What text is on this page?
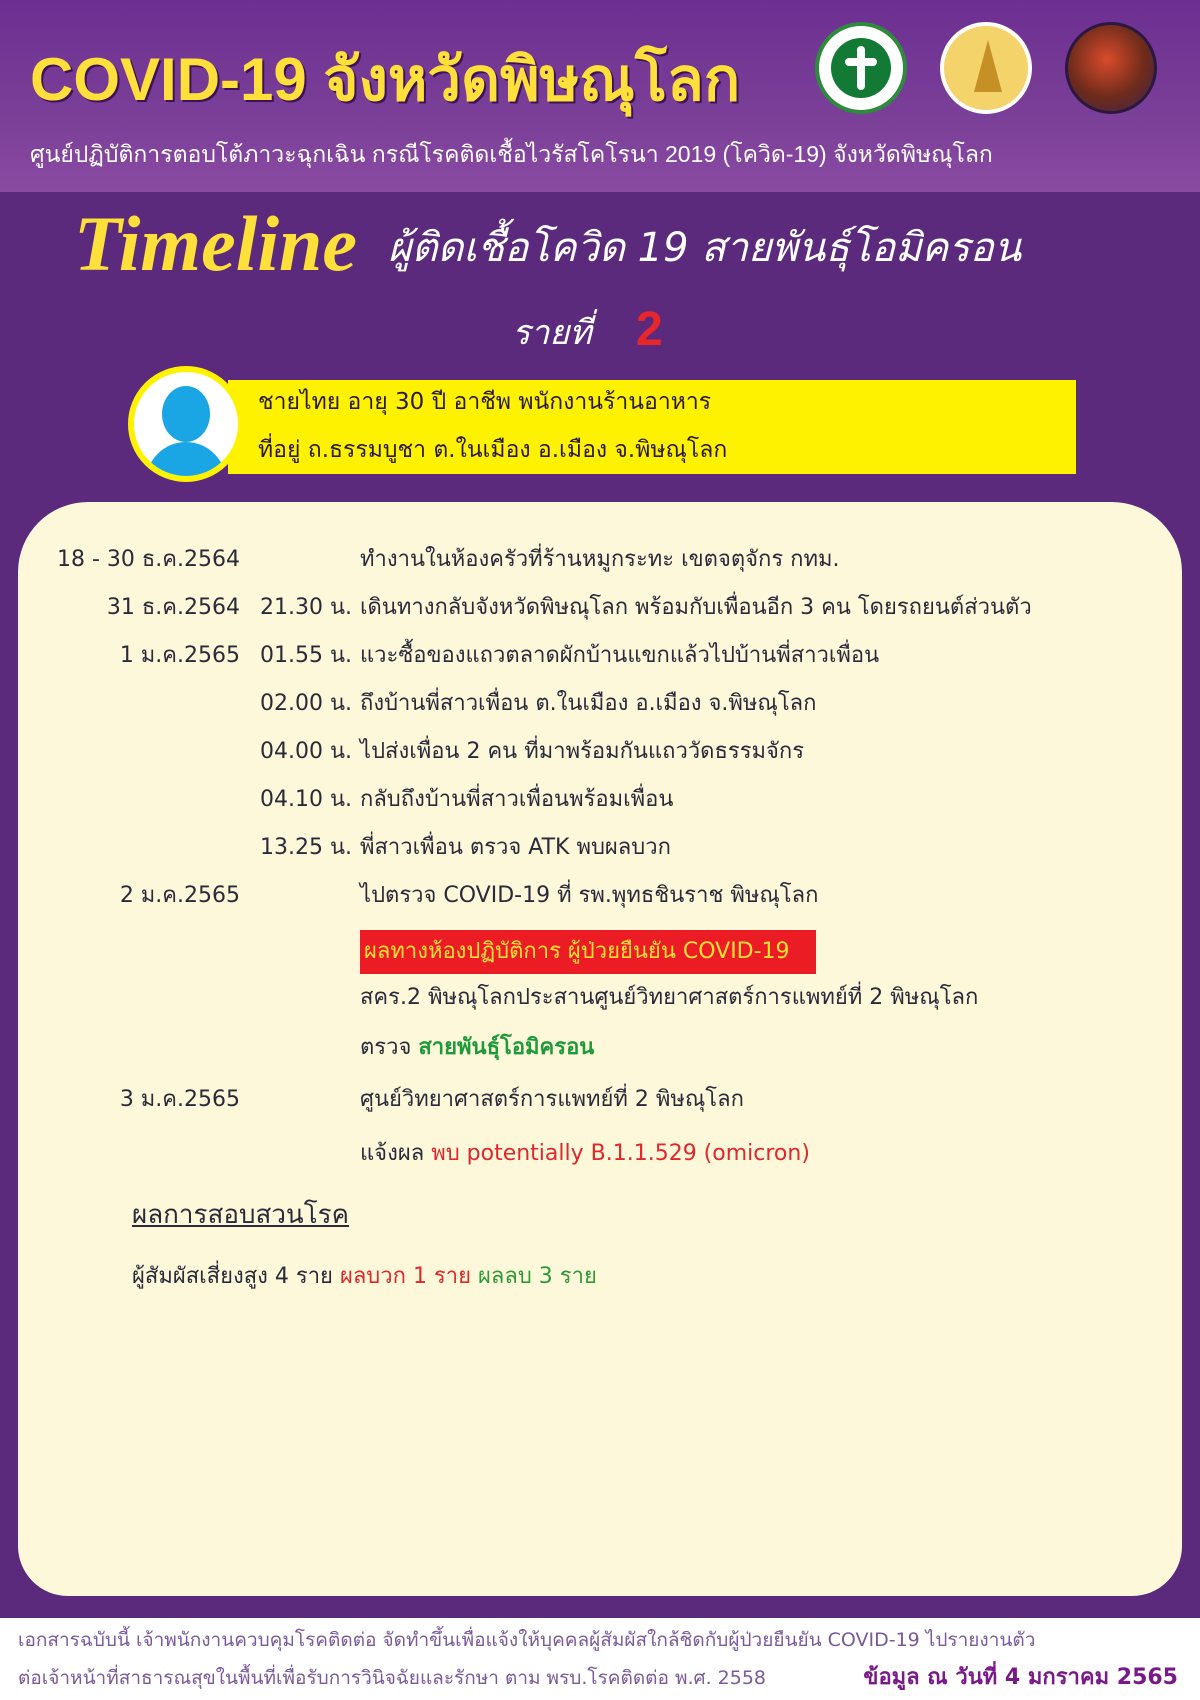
COVID-19 จังหวัดพิษณุโลก
ศูนย์ปฏิบัติการตอบโต้ภาวะฉุกเฉิน กรณีโรคติดเชื้อไวรัสโคโรนา 2019 (โควิด-19) จังหวัดพิษณุโลก
Timeline ผู้ติดเชื้อโควิด 19 สายพันธุ์โอมิครอน
รายที่ 2
ชายไทย อายุ 30 ปี อาชีพ พนักงานร้านอาหาร
ที่อยู่ ถ.ธรรมบูชา ต.ในเมือง อ.เมือง จ.พิษณุโลก
18 - 30 ธ.ค.2564	ทำงานในห้องครัวที่ร้านหมูกระทะ เขตจตุจักร กทม.
31 ธ.ค.2564 21.30 น. เดินทางกลับจังหวัดพิษณุโลก พร้อมกับเพื่อนอีก 3 คน โดยรถยนต์ส่วนตัว
1 ม.ค.2565 01.55 น. แวะซื้อของแถวตลาดผักบ้านแขกแล้วไปบ้านพี่สาวเพื่อน
02.00 น. ถึงบ้านพี่สาวเพื่อน ต.ในเมือง อ.เมือง จ.พิษณุโลก
04.00 น. ไปส่งเพื่อน 2 คน ที่มาพร้อมกันแถววัดธรรมจักร
04.10 น. กลับถึงบ้านพี่สาวเพื่อนพร้อมเพื่อน
13.25 น. พี่สาวเพื่อน ตรวจ ATK พบผลบวก
2 ม.ค.2565	ไปตรวจ COVID-19 ที่ รพ.พุทธชินราช พิษณุโลก
ผลทางห้องปฏิบัติการ ผู้ป่วยยืนยัน COVID-19
สคร.2 พิษณุโลกประสานศูนย์วิทยาศาสตร์การแพทย์ที่ 2 พิษณุโลก
ตรวจ สายพันธุ์โอมิครอน
3 ม.ค.2565	ศูนย์วิทยาศาสตร์การแพทย์ที่ 2 พิษณุโลก
แจ้งผล พบ potentially B.1.1.529 (omicron)
ผลการสอบสวนโรค
ผู้สัมผัสเสี่ยงสูง 4 ราย ผลบวก 1 ราย ผลลบ 3 ราย
เอกสารฉบับนี้ เจ้าพนักงานควบคุมโรคติดต่อ จัดทำขึ้นเพื่อแจ้งให้บุคคลผู้สัมผัสใกล้ชิดกับผู้ป่วยยืนยัน COVID-19 ไปรายงานตัว
ต่อเจ้าหน้าที่สาธารณสุขในพื้นที่เพื่อรับการวินิจฉัยและรักษา ตาม พรบ.โรคติดต่อ พ.ศ. 2558	ข้อมูล ณ วันที่ 4 มกราคม 2565
